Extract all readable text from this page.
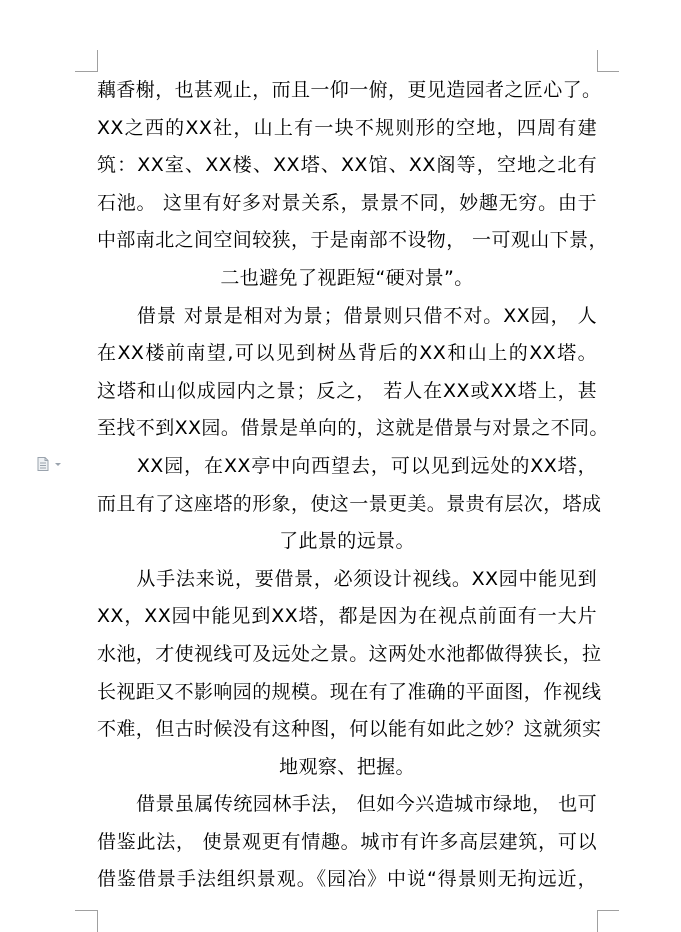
藕香榭，也甚观止，而且一仰一俯，更见造园者之匠心了。
XX之西的XX社，山上有一块不规则形的空地，四周有建
筑：XX室、XX楼、XX塔、XX馆、XX阁等，空地之北有
石池。 这里有好多对景关系，景景不同，妙趣无穷。由于
中部南北之间空间较狭，于是南部不设物， 一可观山下景，
二也避免了视距短“硬对景”。
　　借景 对景是相对为景；借景则只借不对。XX园， 人
在XX楼前南望,可以见到树丛背后的XX和山上的XX塔。
这塔和山似成园内之景；反之， 若人在XX或XX塔上，甚
至找不到XX园。借景是单向的，这就是借景与对景之不同。
　　XX园，在XX亭中向西望去，可以见到远处的XX塔，
而且有了这座塔的形象，使这一景更美。景贵有层次，塔成
了此景的远景。
　　从手法来说，要借景，必须设计视线。XX园中能见到
XX，XX园中能见到XX塔，都是因为在视点前面有一大片
水池，才使视线可及远处之景。这两处水池都做得狭长，拉
长视距又不影响园的规模。现在有了准确的平面图，作视线
不难，但古时候没有这种图，何以能有如此之妙？这就须实
地观察、把握。
　　借景虽属传统园林手法， 但如今兴造城市绿地， 也可
借鉴此法， 使景观更有情趣。城市有许多高层建筑，可以
借鉴借景手法组织景观。《园冶》中说“得景则无拘远近，
